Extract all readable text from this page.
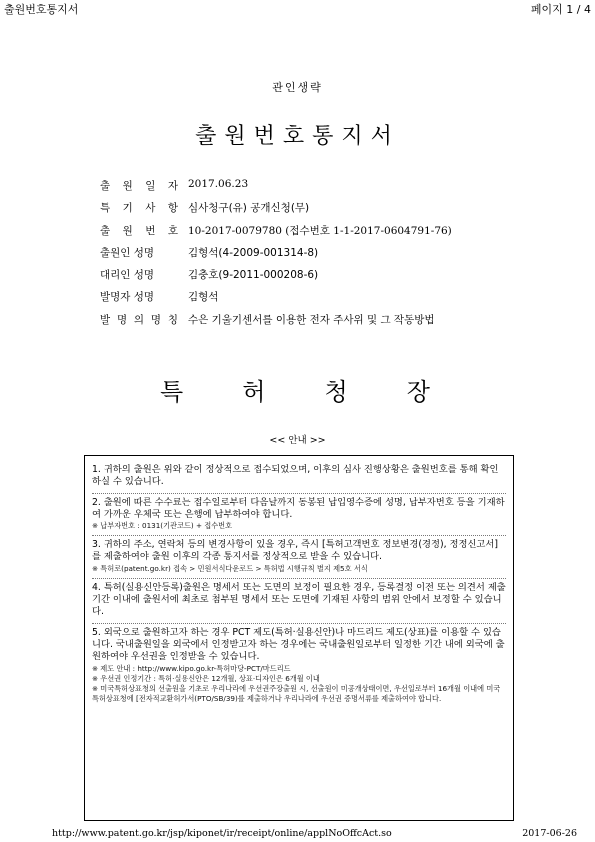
출원번호통지서	페이지 1 / 4
관인생략
출원번호통지서
출 원 일 자 2017.06.23
특 기 사 항 심사청구(유) 공개신청(무)
출 원 번 호 10-2017-0079780 (접수번호 1-1-2017-0604791-76)
출원인 성명	김형석(4-2009-001314-8)
대리인 성명	김충호(9-2011-000208-6)
발명자 성명	김형석
발 명 의 명 칭 수은 기울기센서를 이용한 전자 주사위 및 그 작동방법
특 허 청 장
<< 안내 >>

1. 귀하의 출원은 위와 같이 정상적으로 접수되었으며, 이후의 심사 진행상황은 출원번호를 통해 확인하실 수 있습니다.

2. 출원에 따른 수수료는 접수일로부터 다음날까지 동봉된 납입영수증에 성명, 납부자번호 등을 기재하여 가까운 우체국 또는 은행에 납부하여야 합니다.

※ 납부자번호 : 0131(기관코드) + 접수번호

3. 귀하의 주소, 연락처 등의 변경사항이 있을 경우, 즉시 [특허고객번호 정보변경(경정), 정정신고서]를 제출하여야 출원 이후의 각종 통지서를 정상적으로 받을 수 있습니다.

※ 특허로(patent.go.kr) 접속 > 민원서식다운로드 > 특허법 시행규칙 별지 제5호 서식

4. 특허(실용신안등록)출원은 명세서 또는 도면의 보정이 필요한 경우, 등록결정 이전 또는 의견서 제출기간 이내에 출원서에 최초로 첨부된 명세서 또는 도면에 기재된 사항의 범위 안에서 보정할 수 있습니다.

5. 외국으로 출원하고자 하는 경우 PCT 제도(특허·실용신안)나 마드리드 제도(상표)를 이용할 수 있습니다. 국내출원일을 외국에서 인정받고자 하는 경우에는 국내출원일로부터 일정한 기간 내에 외국에 출원하여야 우선권을 인정받을 수 있습니다.

※ 제도 안내 : http://www.kipo.go.kr-특허마당-PCT/마드리드

※ 우선권 인정기간 : 특허·실용신안은 12개월, 상표·디자인은 6개월 이내

※ 미국특허상표청의 선출원을 기초로 우리나라에 우선권주장출원 시, 선출원이 미공개상태이면, 우선일로부터 16개월 이내에 미국특허상표청에 [전자적교환허가서(PTO/SB/39)를 제출하거나 우리나라에 우선권 증명서류를 제출하여야 합니다.

http://www.patent.go.kr/jsp/kiponet/ir/receipt/online/applNoOffcAct.so	2017-06-26
